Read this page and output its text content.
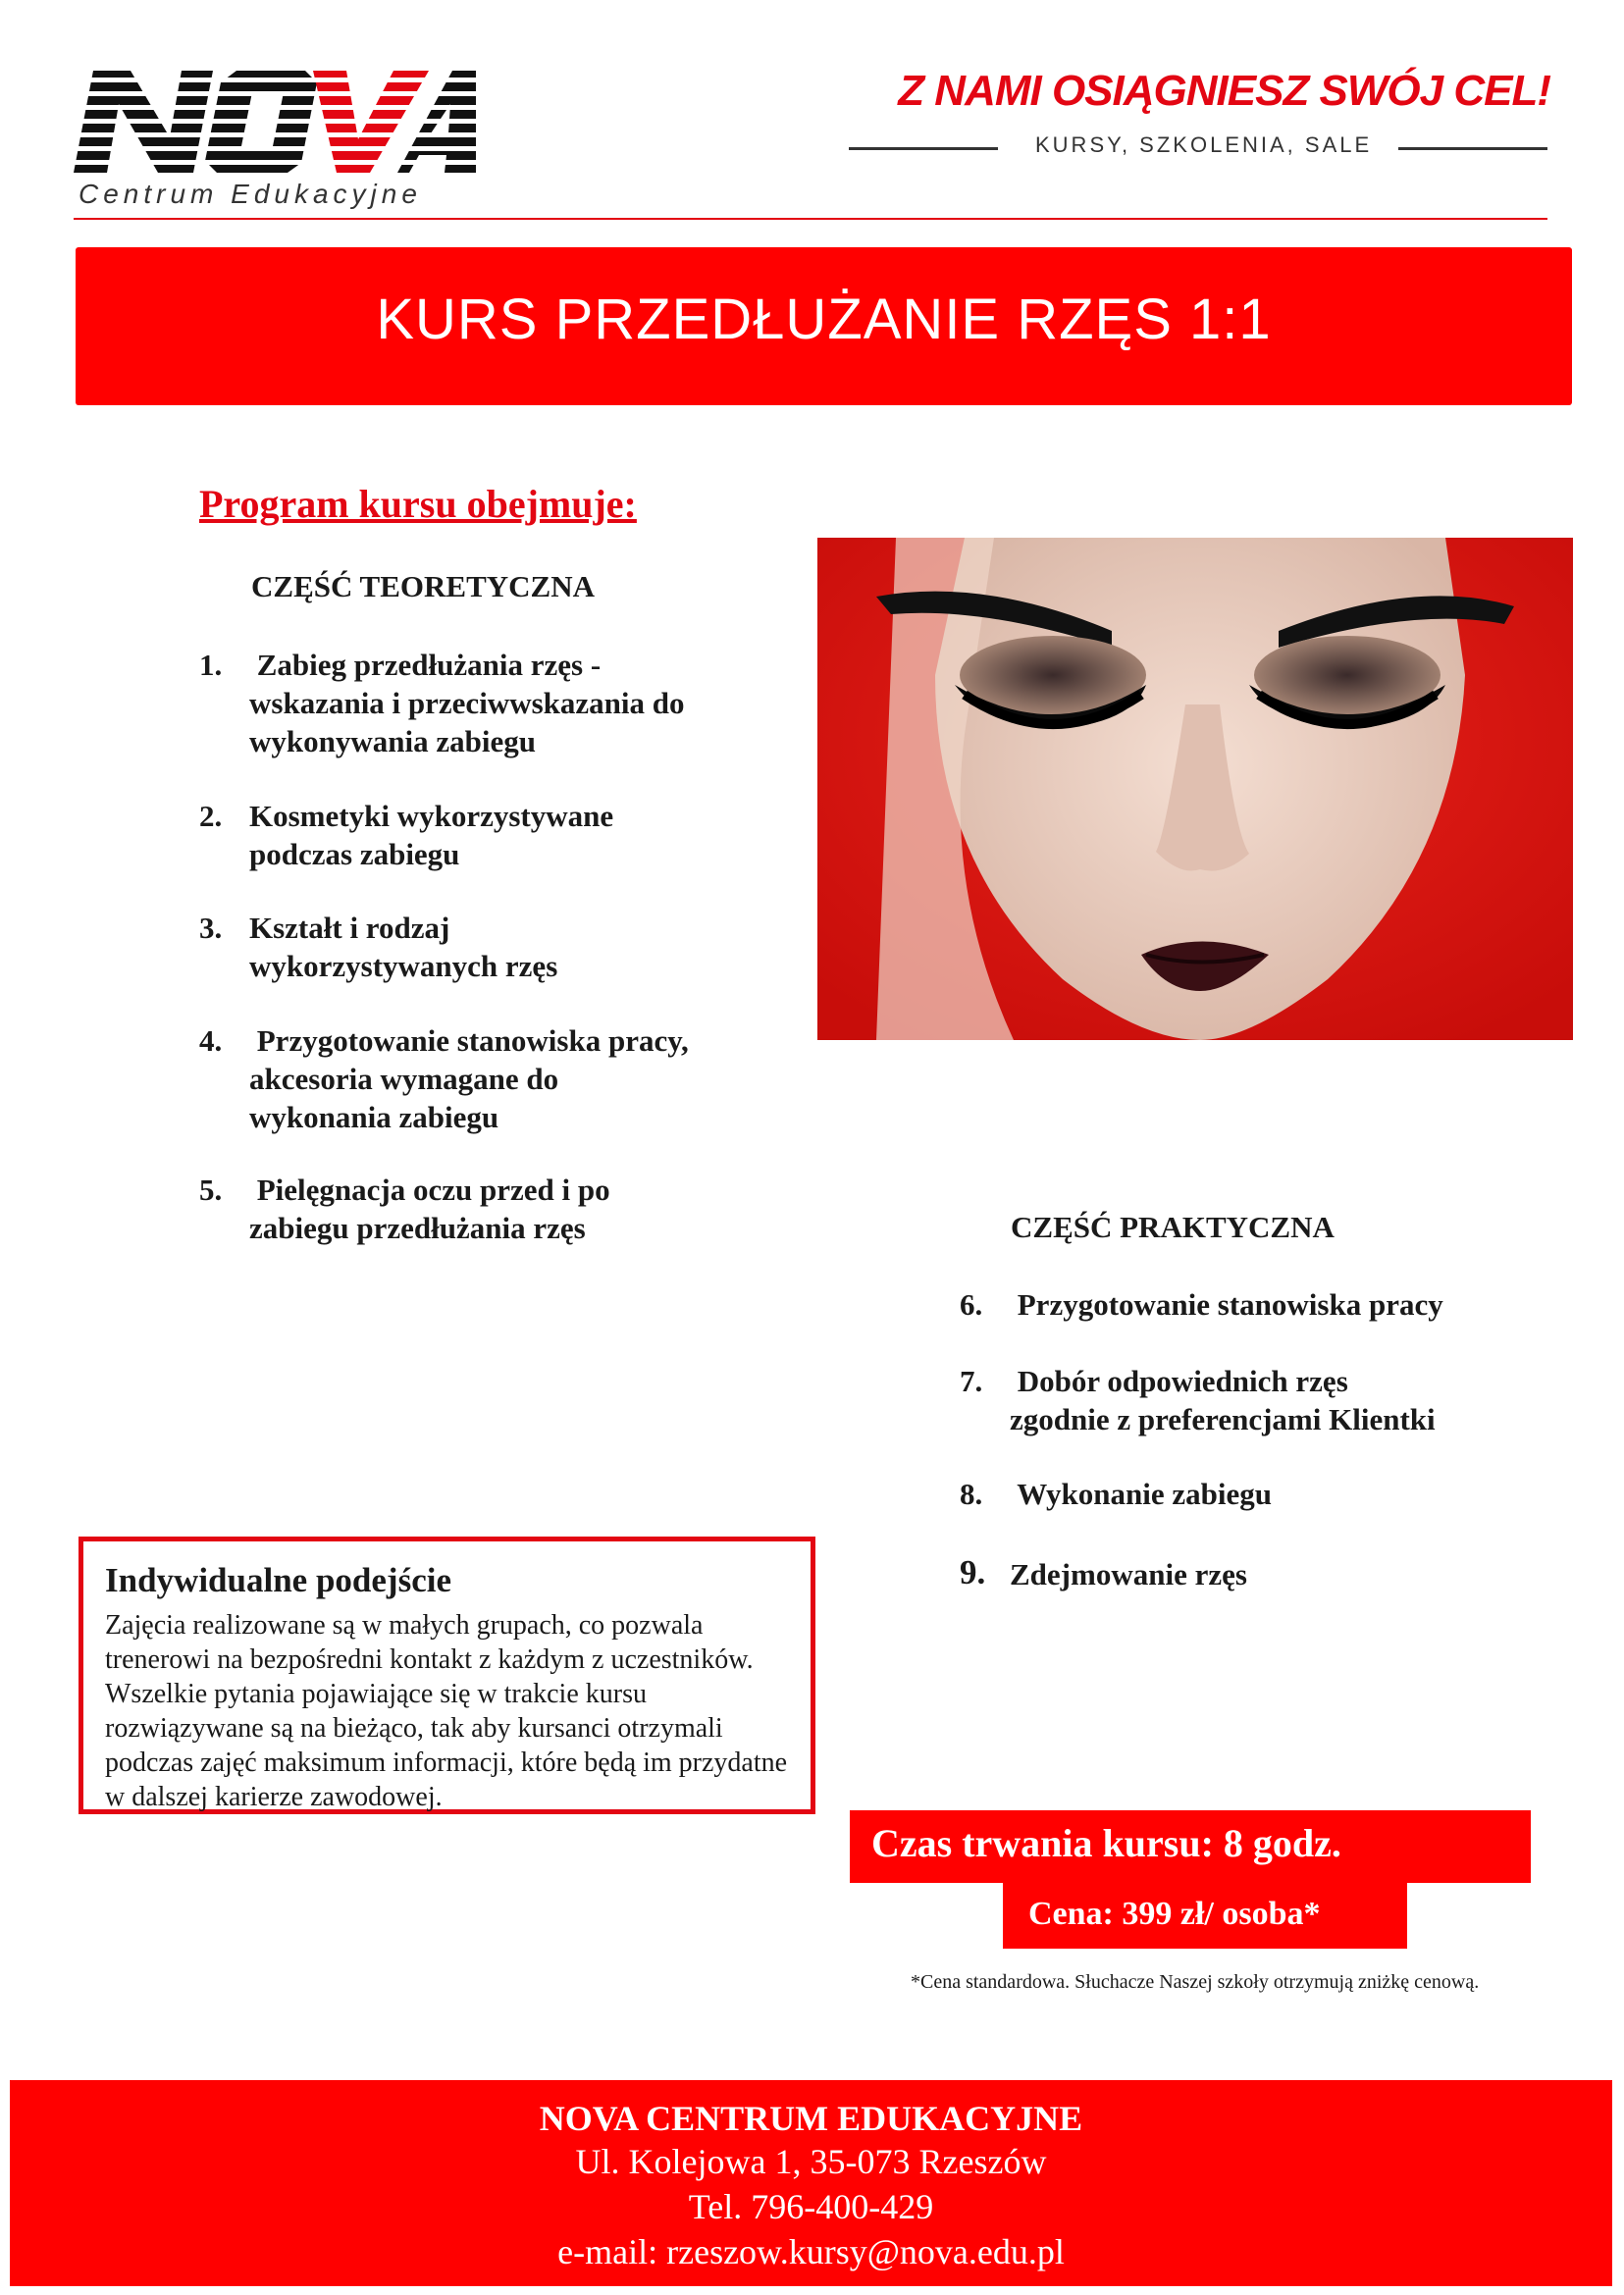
Centrum Edukacyjne
Z NAMI OSIĄGNIESZ SWÓJ CEL!
KURSY, SZKOLENIA, SALE
KURS PRZEDŁUŻANIE RZĘS 1:1
Program kursu obejmuje:
CZĘŚĆ TEORETYCZNA
1. Zabieg przedłużania rzęs -
wskazania i przeciwwskazania do
wykonywania zabiegu
2. Kosmetyki wykorzystywane
podczas zabiegu
3. Kształt i rodzaj
wykorzystywanych rzęs
4. Przygotowanie stanowiska pracy,
akcesoria wymagane do
wykonania zabiegu
5. Pielęgnacja oczu przed i po
zabiegu przedłużania rzęs	CZĘŚĆ PRAKTYCZNA
6. Przygotowanie stanowiska pracy
7. Dobór odpowiednich rzęs
zgodnie z preferencjami Klientki
8. Wykonanie zabiegu
9. Zdejmowanie rzęs
Indywidualne podejście
Zajęcia realizowane są w małych grupach, co pozwala trenerowi na bezpośredni kontakt z każdym z uczestników. Wszelkie pytania pojawiające się w trakcie kursu rozwiązywane są na bieżąco, tak aby kursanci otrzymali podczas zajęć maksimum informacji, które będą im przydatne w dalszej karierze zawodowej.
Czas trwania kursu: 8 godz.
Cena: 399 zł/ osoba*
*Cena standardowa. Słuchacze Naszej szkoły otrzymują zniżkę cenową.
NOVA CENTRUM EDUKACYJNE
Ul. Kolejowa 1, 35-073 Rzeszów
Tel. 796-400-429
e-mail: rzeszow.kursy@nova.edu.pl
